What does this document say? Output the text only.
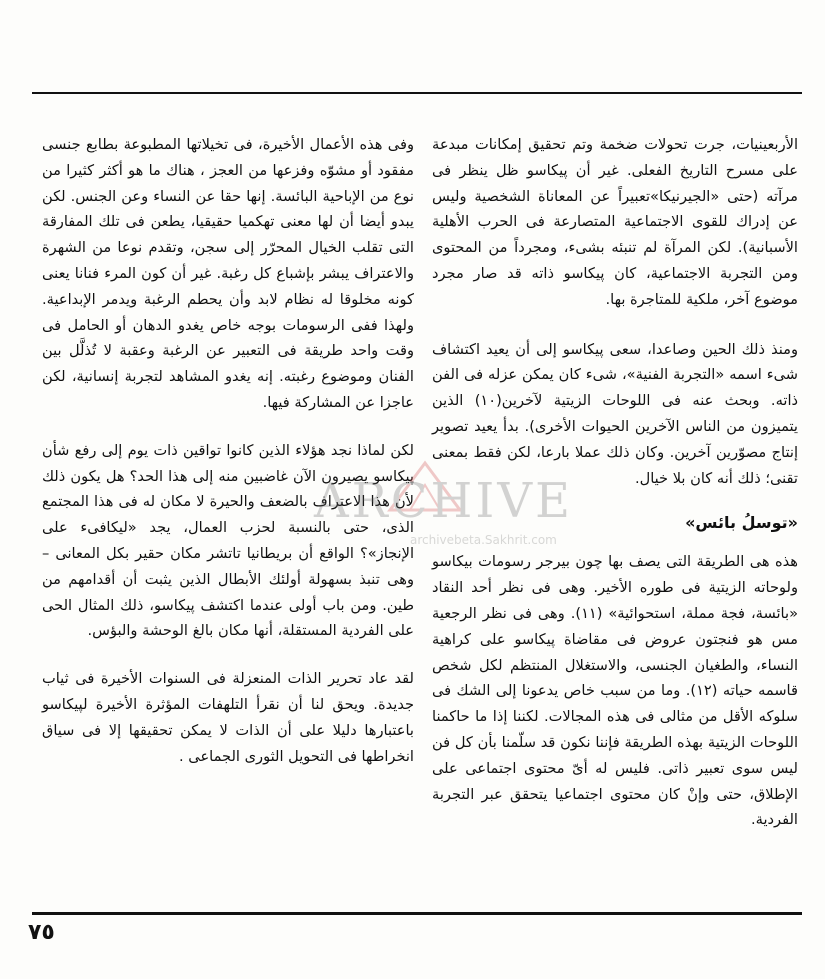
الأربعينيات، جرت تحولات ضخمة وتم تحقيق إمكانات مبدعة على مسرح التاريخ الفعلى. غير أن پيكاسو ظل ينظر فى مرآته (حتى «الجيرنيكا»تعبيراً عن المعاناة الشخصية وليس عن إدراك للقوى الاجتماعية المتصارعة فى الحرب الأهلية الأسبانية). لكن المرآة لم تنبئه بشىء، ومجرداً من المحتوى ومن التجربة الاجتماعية، كان پيكاسو ذاته قد صار مجرد موضوع آخر، ملكية للمتاجرة بها.

ومنذ ذلك الحين وصاعدا، سعى پيكاسو إلى أن يعيد اكتشاف شىء اسمه «التجربة الفنية»، شىء كان يمكن عزله فى الفن ذاته. وبحث عنه فى اللوحات الزيتية لآخرين(١٠) الذين يتميزون من الناس الآخرين الحيوات الأخرى). بدأ يعيد تصوير إنتاج مصوّرين آخرين. وكان ذلك عملا بارعا، لكن فقط بمعنى تقنى؛ ذلك أنه كان بلا خيال.

«توسلُ بائس»

هذه هى الطريقة التى يصف بها چون بيرجر رسومات بيكاسو ولوحاته الزيتية فى طوره الأخير. وهى فى نظر أحد النقاد «بائسة، فجة مملة، استحوائية» (١١). وهى فى نظر الرجعية مس هو فنجتون عروض فى مقاضاة پيكاسو على كراهية النساء، والطغيان الجنسى، والاستغلال المنتظم لكل شخص قاسمه حياته (١٢). وما من سبب خاص يدعونا إلى الشك فى سلوكه الأقل من مثالى فى هذه المجالات. لكننا إذا ما حاكمنا اللوحات الزيتية بهذه الطريقة فإننا نكون قد سلّمنا بأن كل فن ليس سوى تعبير ذاتى. فليس له أىّ محتوى اجتماعى على الإطلاق، حتى وإنْ كان محتوى اجتماعيا يتحقق عبر التجربة الفردية.

وفى هذه الأعمال الأخيرة، فى تخيلاتها المطبوعة بطابع جنسى مفقود أو مشوّه وفزعها من العجز ، هناك ما هو أكثر كثيرا من نوع من الإباحية البائسة. إنها حقا عن النساء وعن الجنس. لكن يبدو أيضا أن لها معنى تهكميا حقيقيا، يطعن فى تلك المفارقة التى تقلب الخيال المحرّر إلى سجن، وتقدم نوعا من الشهرة والاعتراف يبشر بإشباع كل رغبة. غير أن كون المرء فنانا يعنى كونه مخلوقا له نظام لابد وأن يحطم الرغبة ويدمر الإبداعية. ولهذا ففى الرسومات بوجه خاص يغدو الدهان أو الحامل فى وقت واحد طريقة فى التعبير عن الرغبة وعقبة لا تُذلَّل بين الفنان وموضوع رغبته. إنه يغدو المشاهد لتجربة إنسانية، لكن عاجزا عن المشاركة فيها.

لكن لماذا نجد هؤلاء الذين كانوا تواقين ذات يوم إلى رفع شأن پيكاسو يصيرون الآن غاضبين منه إلى هذا الحد؟ هل يكون ذلك لأن هذا الاعتراف بالضعف والحيرة لا مكان له فى هذا المجتمع الذى، حتى بالنسبة لحزب العمال، يجد «ليكافىء على الإنجاز»؟ الواقع أن بريطانيا تاتشر مكان حقير بكل المعانى – وهى تنبذ بسهولة أولئك الأبطال الذين يثبت أن أقدامهم من طين. ومن باب أولى عندما اكتشف پيكاسو، ذلك المثال الحى على الفردية المستقلة، أنها مكان بالغ الوحشة والبؤس.

لقد عاد تحرير الذات المنعزلة فى السنوات الأخيرة فى ثياب جديدة. ويحق لنا أن نقرأ التلهفات المؤثرة الأخيرة لپيكاسو باعتبارها دليلا على أن الذات لا يمكن تحقيقها إلا فى سياق انخراطها فى التحويل الثورى الجماعى .

ARCHIVE
archivebeta.Sakhrit.com
٧٥
